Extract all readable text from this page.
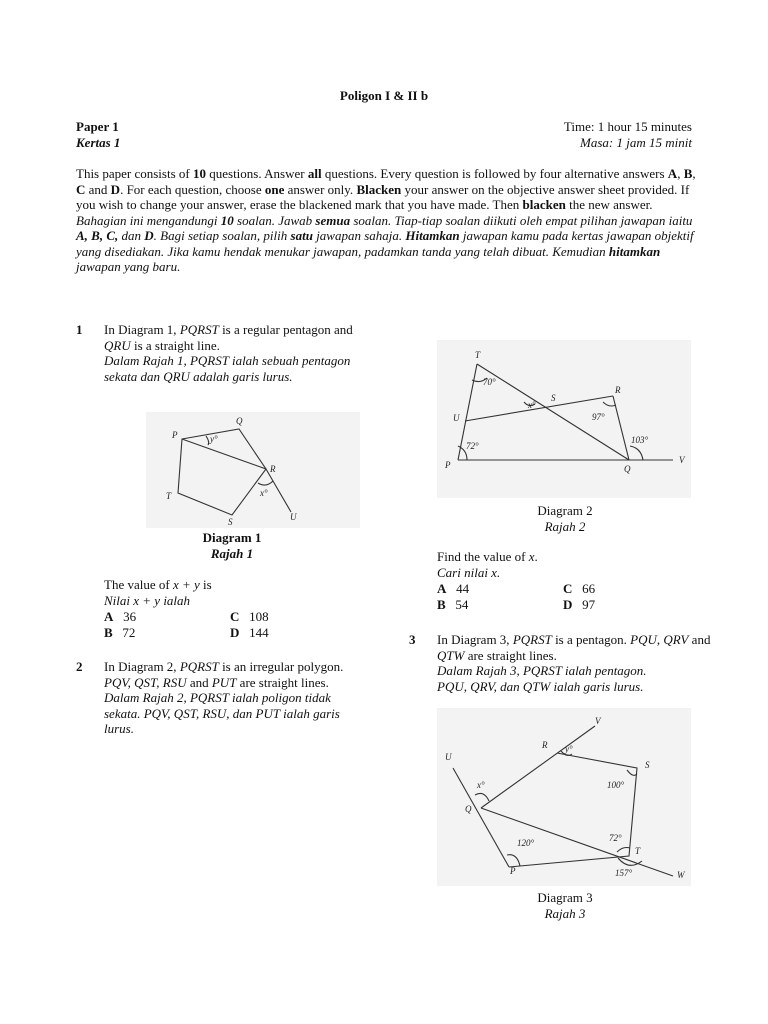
Poligon I & II b
Paper 1
Kertas 1
Time: 1 hour 15 minutes
Masa: 1 jam 15 minit
This paper consists of 10 questions. Answer all questions. Every question is followed by four alternative answers A, B, C and D. For each question, choose one answer only. Blacken your answer on the objective answer sheet provided. If you wish to change your answer, erase the blackened mark that you have made. Then blacken the new answer.
Bahagian ini mengandungi 10 soalan. Jawab semua soalan. Tiap-tiap soalan diikuti oleh empat pilihan jawapan iaitu A, B, C, dan D. Bagi setiap soalan, pilih satu jawapan sahaja. Hitamkan jawapan kamu pada kertas jawapan objektif yang disediakan. Jika kamu hendak menukar jawapan, padamkan tanda yang telah dibuat. Kemudian hitamkan jawapan yang baru.
1 In Diagram 1, PQRST is a regular pentagon and QRU is a straight line.
Dalam Rajah 1, PQRST ialah sebuah pentagon sekata dan QRU adalah garis lurus.
P
Q
R
S
T
U
y°
x°
Diagram 1
Rajah 1
The value of x + y is
Nilai x + y ialah
A 36	C 108
B 72	D 144
2 In Diagram 2, PQRST is an irregular polygon. PQV, QST, RSU and PUT are straight lines.
Dalam Rajah 2, PQRST ialah poligon tidak sekata. PQV, QST, RSU, dan PUT ialah garis lurus.
T
S
R
U
P	Q
V
70°
x°
97°
72°
103°
Diagram 2
Rajah 2
Find the value of x.
Cari nilai x.
A 44	C 66
B 54	D 97
3 In Diagram 3, PQRST is a pentagon. PQU, QRV and QTW are straight lines.
Dalam Rajah 3, PQRST ialah pentagon.
PQU, QRV, dan QTW ialah garis lurus.
V
R y°
S
U
x°
Q
100°
120°	72°
T
P	157°	W
Diagram 3
Rajah 3
